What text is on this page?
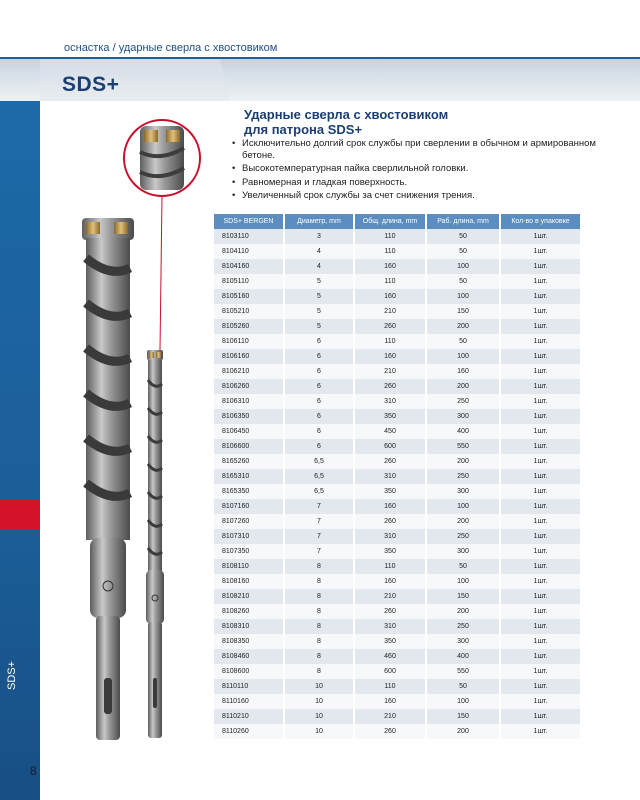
оснастка / ударные сверла с хвостовиком
SDS+
SDS+
8
Ударные сверла с хвостовиком
для патрона SDS+
• Исключительно долгий срок службы при сверлении в обычном и армированном бетоне.
• Высокотемпературная пайка сверлильной головки.
• Равномерная и гладкая поверхность.
• Увеличенный срок службы за счет снижения трения.
SDS+ BERGEN	Диаметр, mm	Общ. длина, mm	Раб. длина, mm	Кол-во в упаковке
8103110	3	110	50	1шт.
8104110	4	110	50	1шт.
8104160	4	160	100	1шт.
8105110	5	110	50	1шт.
8105160	5	160	100	1шт.
8105210	5	210	150	1шт.
8105260	5	260	200	1шт.
8106110	6	110	50	1шт.
8106160	6	160	100	1шт.
8106210	6	210	160	1шт.
8106260	6	260	200	1шт.
8106310	6	310	250	1шт.
8106350	6	350	300	1шт.
8106450	6	450	400	1шт.
8106600	6	600	550	1шт.
8165260	6,5	260	200	1шт.
8165310	6,5	310	250	1шт.
8165350	6,5	350	300	1шт.
8107160	7	160	100	1шт.
8107260	7	260	200	1шт.
8107310	7	310	250	1шт.
8107350	7	350	300	1шт.
8108110	8	110	50	1шт.
8108160	8	160	100	1шт.
8108210	8	210	150	1шт.
8108260	8	260	200	1шт.
8108310	8	310	250	1шт.
8108350	8	350	300	1шт.
8108460	8	460	400	1шт.
8108600	8	600	550	1шт.
8110110	10	110	50	1шт.
8110160	10	160	100	1шт.
8110210	10	210	150	1шт.
8110260	10	260	200	1шт.
